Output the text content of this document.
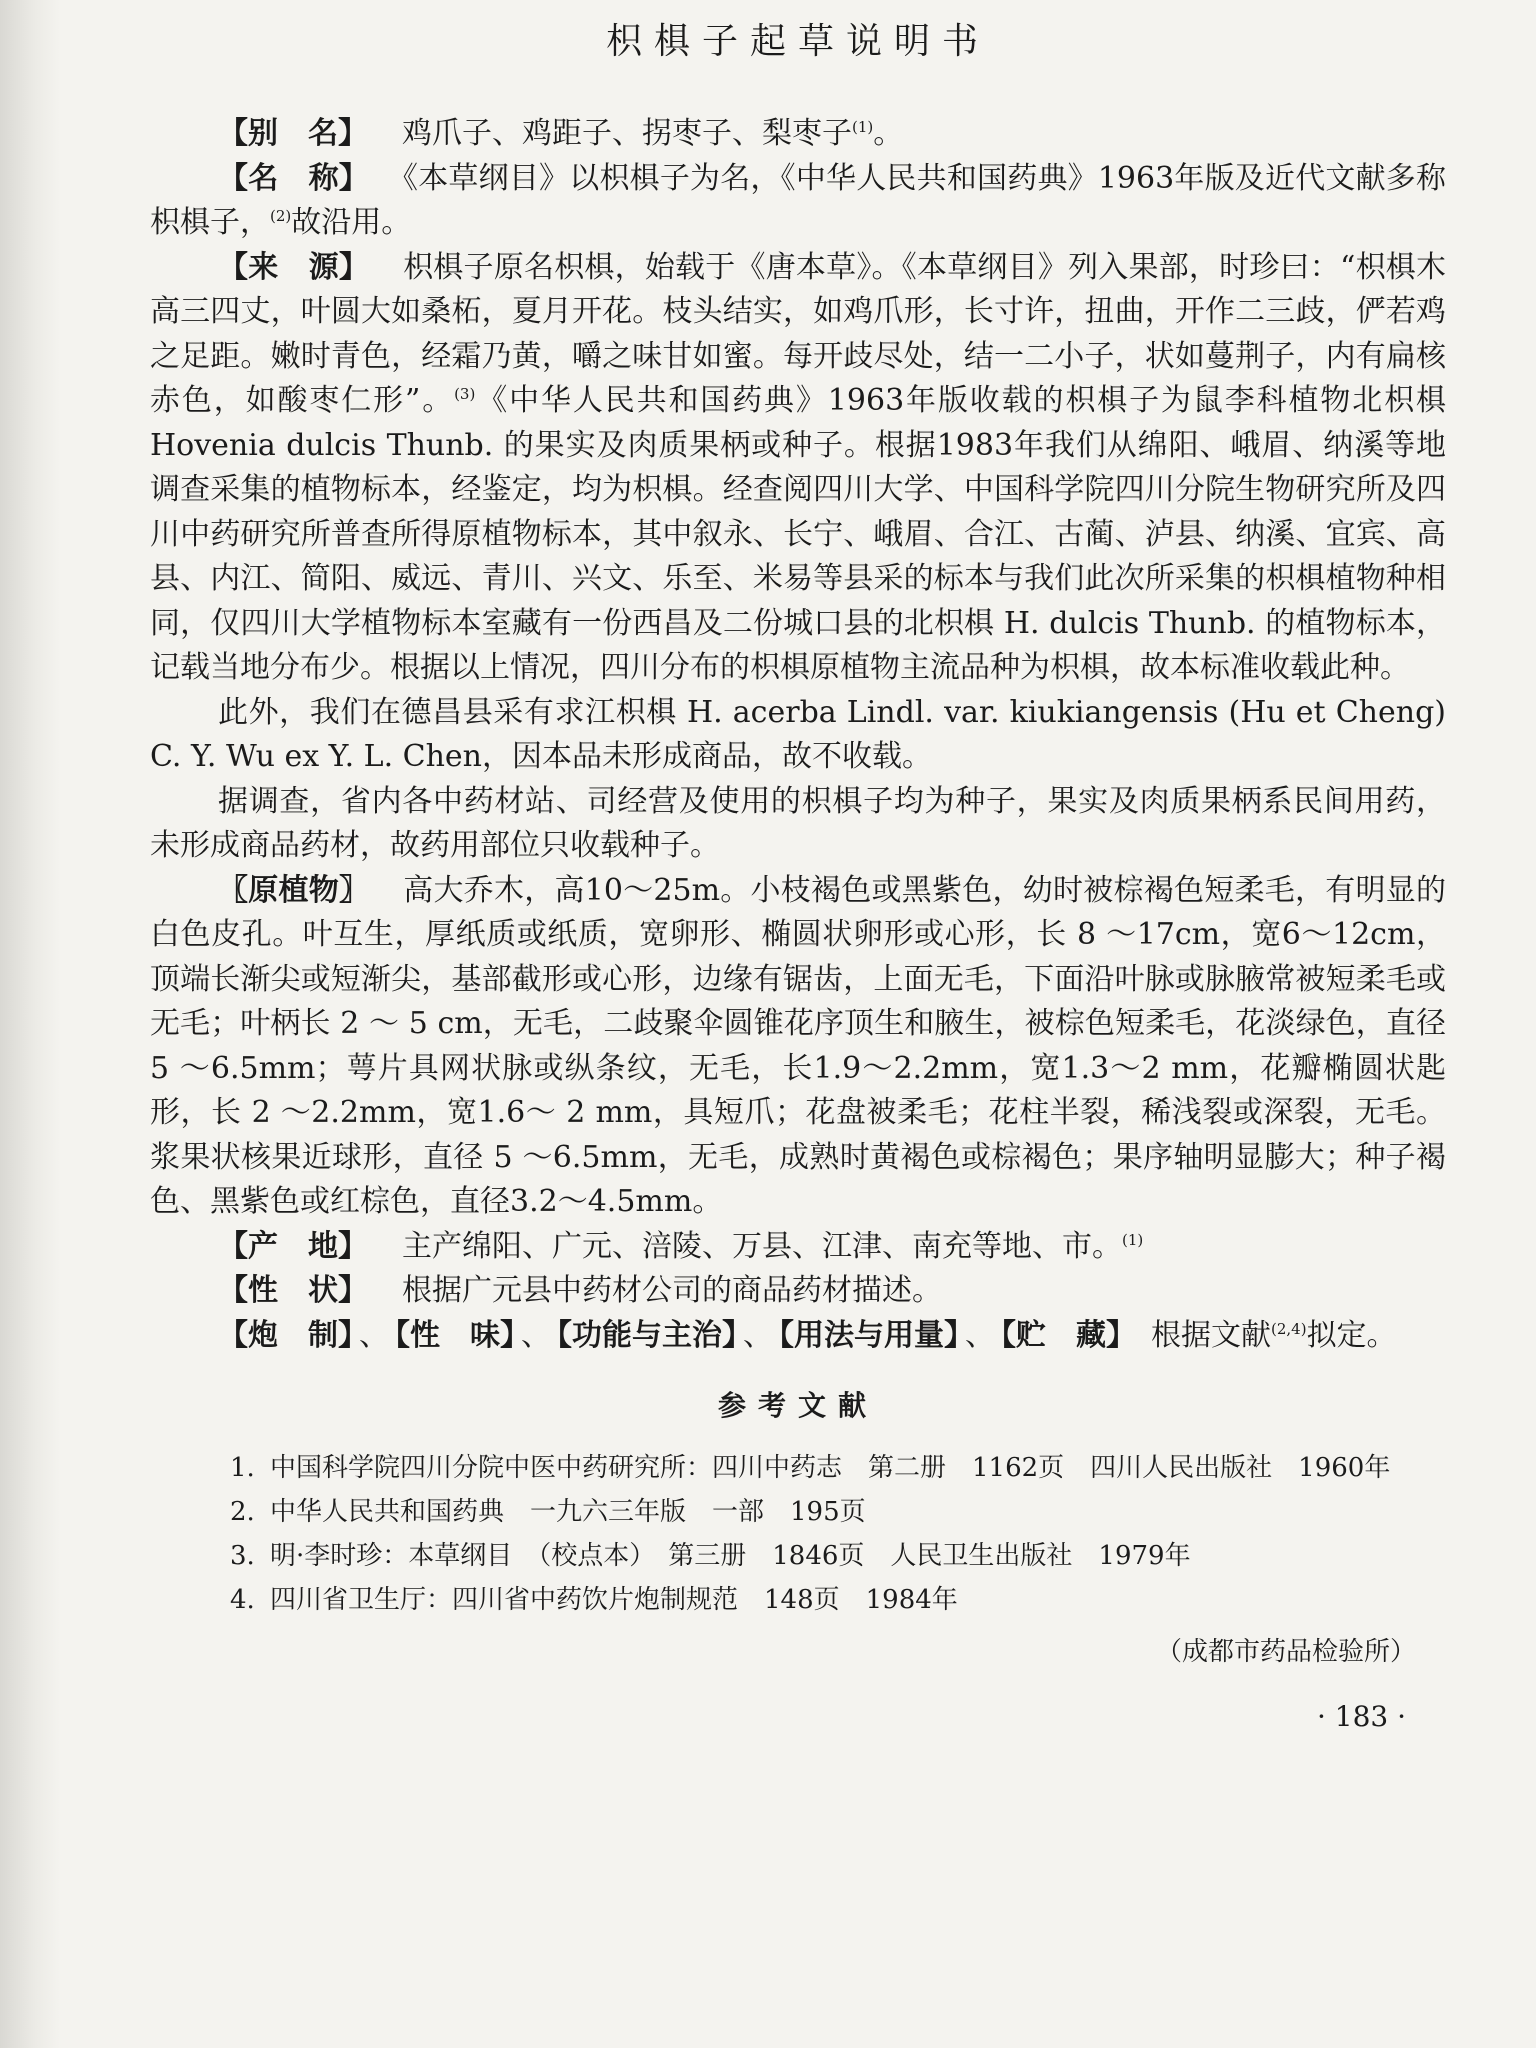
枳椇子起草说明书

【别　名】 鸡爪子、鸡距子、拐枣子、梨枣子$^{(1)}$。

【名　称】 《本草纲目》以枳椇子为名，《中华人民共和国药典》1963年版及近代文献多称枳椇子，$^{(2)}$故沿用。

【来　源】 枳椇子原名枳椇，始载于《唐本草》。《本草纲目》列入果部，时珍曰：“枳椇木高三四丈，叶圆大如桑柘，夏月开花。枝头结实，如鸡爪形，长寸许，扭曲，开作二三歧，俨若鸡之足距。嫩时青色，经霜乃黄，嚼之味甘如蜜。每开歧尽处，结一二小子，状如蔓荆子，内有扁核赤色，如酸枣仁形”。$^{(3)}$《中华人民共和国药典》1963年版收载的枳椇子为鼠李科植物北枳椇Hovenia dulcis Thunb. 的果实及肉质果柄或种子。根据1983年我们从绵阳、峨眉、纳溪等地调查采集的植物标本，经鉴定，均为枳椇。经查阅四川大学、中国科学院四川分院生物研究所及四川中药研究所普查所得原植物标本，其中叙永、长宁、峨眉、合江、古蔺、泸县、纳溪、宜宾、高县、内江、简阳、威远、青川、兴文、乐至、米易等县采的标本与我们此次所采集的枳椇植物种相同，仅四川大学植物标本室藏有一份西昌及二份城口县的北枳椇 H. dulcis Thunb. 的植物标本，记载当地分布少。根据以上情况，四川分布的枳椇原植物主流品种为枳椇，故本标准收载此种。

此外，我们在德昌县采有求江枳椇 H. acerba Lindl. var. kiukiangensis (Hu et Cheng) C. Y. Wu ex Y. L. Chen，因本品未形成商品，故不收载。

据调查，省内各中药材站、司经营及使用的枳椇子均为种子，果实及肉质果柄系民间用药，未形成商品药材，故药用部位只收载种子。

〖原植物〗 高大乔木，高10～25m。小枝褐色或黑紫色，幼时被棕褐色短柔毛，有明显的白色皮孔。叶互生，厚纸质或纸质，宽卵形、椭圆状卵形或心形，长 8 ～17cm，宽6～12cm，顶端长渐尖或短渐尖，基部截形或心形，边缘有锯齿，上面无毛，下面沿叶脉或脉腋常被短柔毛或无毛；叶柄长 2 ～ 5 cm，无毛，二歧聚伞圆锥花序顶生和腋生，被棕色短柔毛，花淡绿色，直径 5 ～6.5mm；萼片具网状脉或纵条纹，无毛，长1.9～2.2mm，宽1.3～2 mm，花瓣椭圆状匙形，长 2 ～2.2mm，宽1.6～ 2 mm，具短爪；花盘被柔毛；花柱半裂，稀浅裂或深裂，无毛。浆果状核果近球形，直径 5 ～6.5mm，无毛，成熟时黄褐色或棕褐色；果序轴明显膨大；种子褐色、黑紫色或红棕色，直径3.2～4.5mm。

【产　地】 主产绵阳、广元、涪陵、万县、江津、南充等地、市。$^{(1)}$

【性　状】 根据广元县中药材公司的商品药材描述。

【炮　制】 、 【性　味】 、 【功能与主治】 、 【用法与用量】 、 【贮　藏】　 根据文献$^{(2,4)}$拟定。

参考文献
1. 中国科学院四川分院中医中药研究所：四川中药志　第二册　1162页　四川人民出版社　1960年
2. 中华人民共和国药典　一九六三年版　一部　195页
3. 明·李时珍：本草纲目　（校点本）　第三册　1846页　人民卫生出版社　1979年
4. 四川省卫生厅：四川省中药饮片炮制规范　148页　1984年
（成都市药品检验所）
· 183 ·
